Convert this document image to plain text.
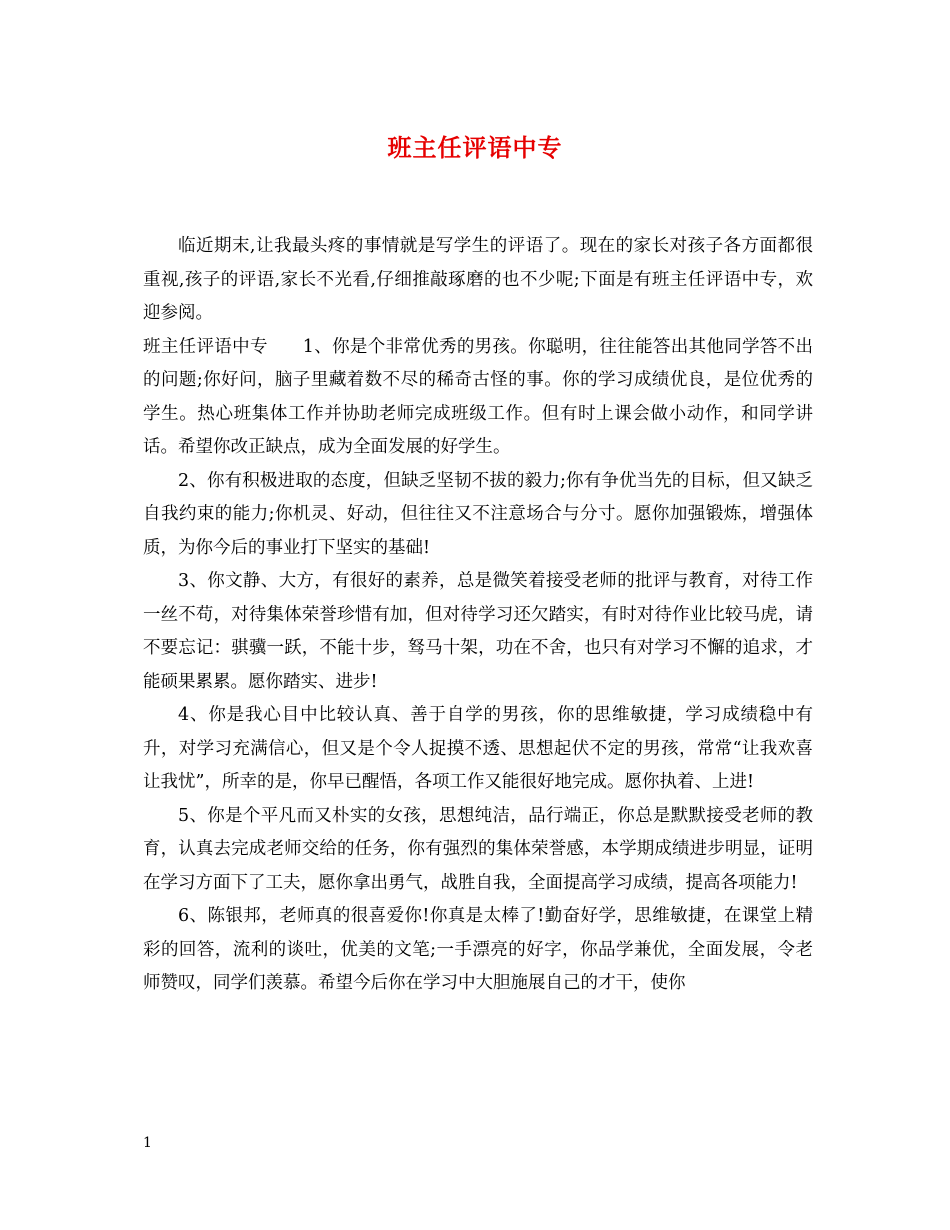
班主任评语中专

临近期末,让我最头疼的事情就是写学生的评语了。现在的家长对孩子各方面都很重视,孩子的评语,家长不光看,仔细推敲琢磨的也不少呢;下面是有班主任评语中专，欢迎参阅。

班主任评语中专   1、你是个非常优秀的男孩。你聪明，往往能答出其他同学答不出的问题;你好问，脑子里藏着数不尽的稀奇古怪的事。你的学习成绩优良，是位优秀的学生。热心班集体工作并协助老师完成班级工作。但有时上课会做小动作，和同学讲话。希望你改正缺点，成为全面发展的好学生。

2、你有积极进取的态度，但缺乏坚韧不拔的毅力;你有争优当先的目标，但又缺乏自我约束的能力;你机灵、好动，但往往又不注意场合与分寸。愿你加强锻炼，增强体质，为你今后的事业打下坚实的基础!

3、你文静、大方，有很好的素养，总是微笑着接受老师的批评与教育，对待工作一丝不苟，对待集体荣誉珍惜有加，但对待学习还欠踏实，有时对待作业比较马虎，请不要忘记：骐骥一跃，不能十步，驽马十架，功在不舍，也只有对学习不懈的追求，才能硕果累累。愿你踏实、进步!

4、你是我心目中比较认真、善于自学的男孩，你的思维敏捷，学习成绩稳中有升，对学习充满信心，但又是个令人捉摸不透、思想起伏不定的男孩，常常“让我欢喜让我忧”，所幸的是，你早已醒悟，各项工作又能很好地完成。愿你执着、上进!

5、你是个平凡而又朴实的女孩，思想纯洁，品行端正，你总是默默接受老师的教育，认真去完成老师交给的任务，你有强烈的集体荣誉感，本学期成绩进步明显，证明在学习方面下了工夫，愿你拿出勇气，战胜自我，全面提高学习成绩，提高各项能力!

6、陈银邦，老师真的很喜爱你!你真是太棒了!勤奋好学，思维敏捷，在课堂上精彩的回答，流利的谈吐，优美的文笔;一手漂亮的好字，你品学兼优，全面发展，令老师赞叹，同学们羡慕。希望今后你在学习中大胆施展自己的才干，使你

1
